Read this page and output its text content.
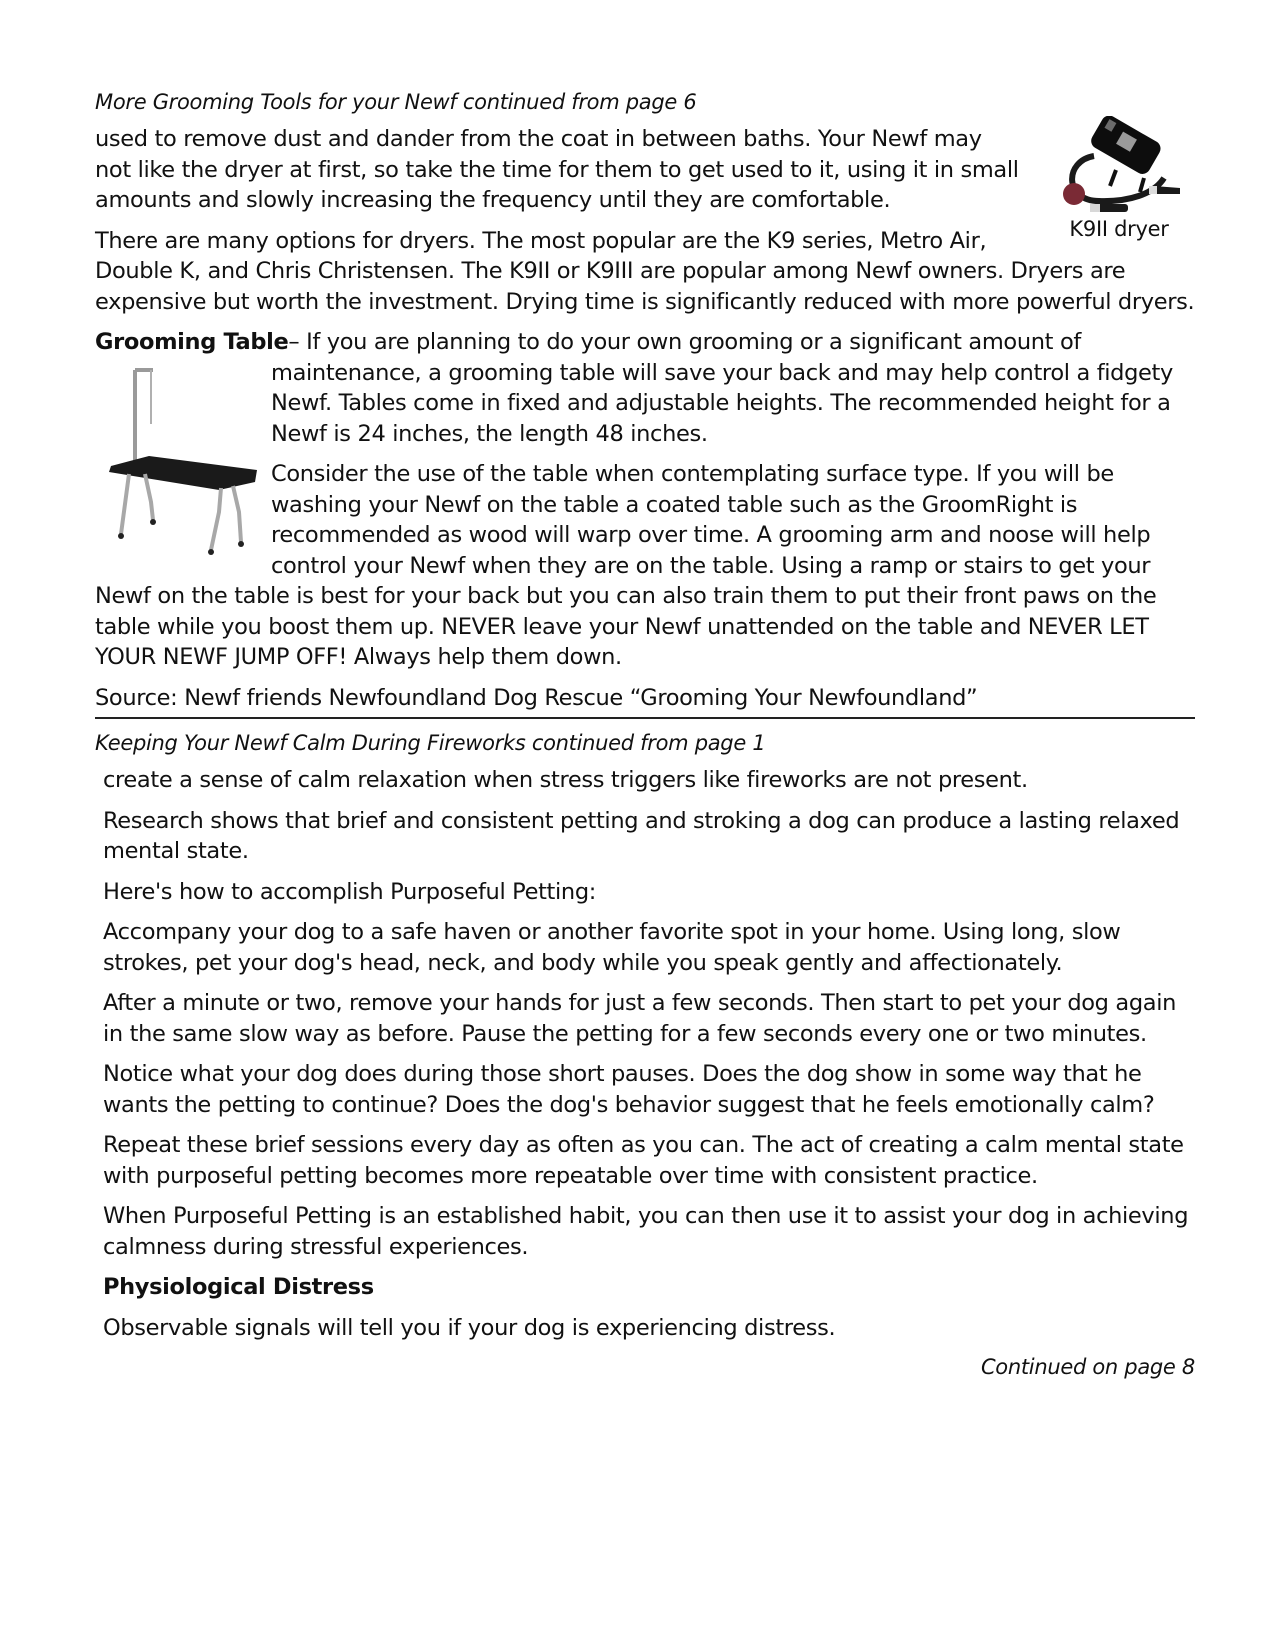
More Grooming Tools for your Newf continued from page 6
K9II dryer

used to remove dust and dander from the coat in between baths. Your Newf may not like the dryer at first, so take the time for them to get used to it, using it in small amounts and slowly increasing the frequency until they are comfortable.

There are many options for dryers. The most popular are the K9 series, Metro Air, Double K, and Chris Christensen. The K9II or K9III are popular among Newf owners. Dryers are expensive but worth the investment. Drying time is significantly reduced with more powerful dryers.

Grooming Table– If you are planning to do your own grooming or a significant amount of

maintenance, a grooming table will save your back and may help control a fidgety Newf. Tables come in fixed and adjustable heights. The recommended height for a Newf is 24 inches, the length 48 inches.

Consider the use of the table when contemplating surface type. If you will be washing your Newf on the table a coated table such as the GroomRight is recommended as wood will warp over time. A grooming arm and noose will help control your Newf when they are on the table. Using a ramp or stairs to get your Newf on the table is best for your back but you can also train them to put their front paws on the table while you boost them up. NEVER leave your Newf unattended on the table and NEVER LET YOUR NEWF JUMP OFF! Always help them down.

Source: Newf friends Newfoundland Dog Rescue “Grooming Your Newfoundland”

Keeping Your Newf Calm During Fireworks continued from page 1

create a sense of calm relaxation when stress triggers like fireworks are not present.

Research shows that brief and consistent petting and stroking a dog can produce a lasting relaxed mental state.

Here's how to accomplish Purposeful Petting:

Accompany your dog to a safe haven or another favorite spot in your home. Using long, slow strokes, pet your dog's head, neck, and body while you speak gently and affectionately.

After a minute or two, remove your hands for just a few seconds. Then start to pet your dog again in the same slow way as before. Pause the petting for a few seconds every one or two minutes.

Notice what your dog does during those short pauses. Does the dog show in some way that he wants the petting to continue? Does the dog's behavior suggest that he feels emotionally calm?

Repeat these brief sessions every day as often as you can. The act of creating a calm mental state with purposeful petting becomes more repeatable over time with consistent practice.

When Purposeful Petting is an established habit, you can then use it to assist your dog in achieving calmness during stressful experiences.

Physiological Distress

Observable signals will tell you if your dog is experiencing distress.

Continued on page 8
